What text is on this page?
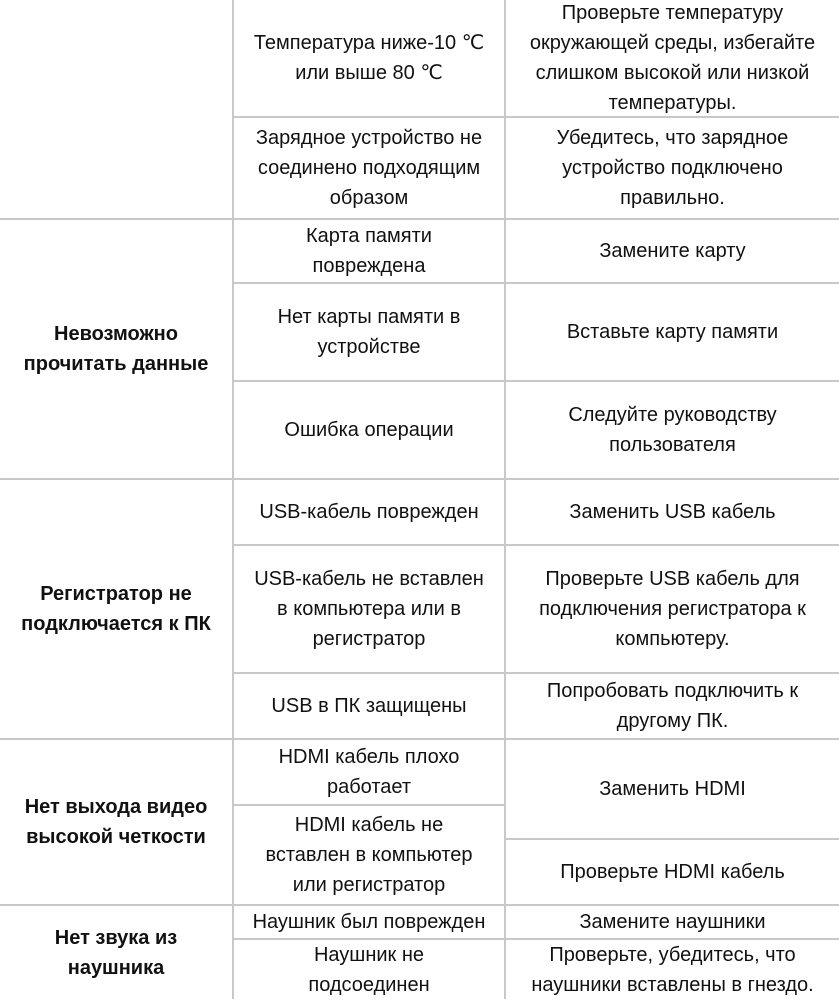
Невозможно
прочитать данные
Регистратор не
подключается к ПК
Нет выхода видео
высокой четкости
Нет звука из
наушника
Температура ниже-10 ℃
или выше 80 ℃
Зарядное устройство не
соединено подходящим
образом
Карта памяти
повреждена
Нет карты памяти в
устройстве
Ошибка операции
USB-кабель поврежден
USB-кабель не вставлен
в компьютера или в
регистратор
USB в ПК защищены
HDMI кабель плохо
работает
HDMI кабель не
вставлен в компьютер
или регистратор
Наушник был поврежден
Наушник не
подсоединен
Проверьте температуру
окружающей среды, избегайте
слишком высокой или низкой
температуры.
Убедитесь, что зарядное
устройство подключено
правильно.
Замените карту
Вставьте карту памяти
Следуйте руководству
пользователя
Заменить USB кабель
Проверьте USB кабель для
подключения регистратора к
компьютеру.
Попробовать подключить к
другому ПК.
Заменить HDMI
Проверьте HDMI кабель
Замените наушники
Проверьте, убедитесь, что
наушники вставлены в гнездо.
